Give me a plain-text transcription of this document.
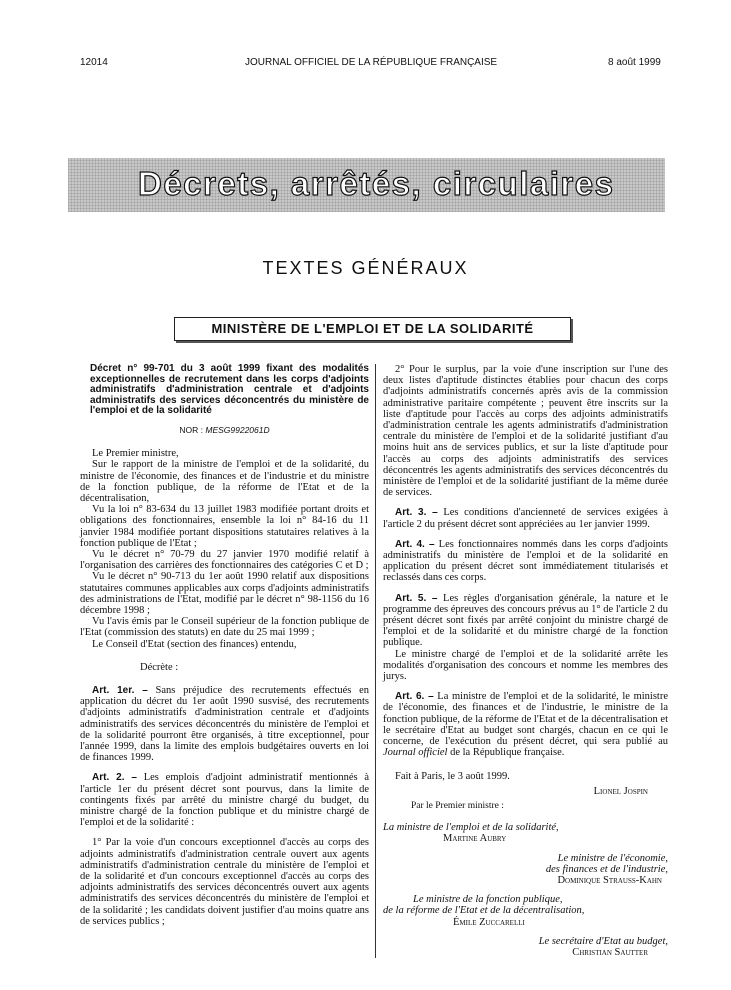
12014	JOURNAL OFFICIEL DE LA RÉPUBLIQUE FRANÇAISE	8 août 1999
Décrets, arrêtés, circulaires
TEXTES GÉNÉRAUX
MINISTÈRE DE L'EMPLOI ET DE LA SOLIDARITÉ

Décret n° 99-701 du 3 août 1999 fixant des modalités exceptionnelles de recrutement dans les corps d'adjoints administratifs d'administration centrale et d'adjoints administratifs des services déconcentrés du ministère de l'emploi et de la solidarité

NOR : MESG9922061D

Le Premier ministre,

Sur le rapport de la ministre de l'emploi et de la solidarité, du ministre de l'économie, des finances et de l'industrie et du ministre de la fonction publique, de la réforme de l'Etat et de la décentralisation,

Vu la loi n° 83-634 du 13 juillet 1983 modifiée portant droits et obligations des fonctionnaires, ensemble la loi n° 84-16 du 11 janvier 1984 modifiée portant dispositions statutaires relatives à la fonction publique de l'Etat ;

Vu le décret n° 70-79 du 27 janvier 1970 modifié relatif à l'organisation des carrières des fonctionnaires des catégories C et D ;

Vu le décret n° 90-713 du 1er août 1990 relatif aux dispositions statutaires communes applicables aux corps d'adjoints administratifs des administrations de l'Etat, modifié par le décret n° 98-1156 du 16 décembre 1998 ;

Vu l'avis émis par le Conseil supérieur de la fonction publique de l'Etat (commission des statuts) en date du 25 mai 1999 ;

Le Conseil d'Etat (section des finances) entendu,

Décrète :

Art. 1er. – Sans préjudice des recrutements effectués en application du décret du 1er août 1990 susvisé, des recrutements d'adjoints administratifs d'administration centrale et d'adjoints administratifs des services déconcentrés du ministère de l'emploi et de la solidarité pourront être organisés, à titre exceptionnel, pour l'année 1999, dans la limite des emplois budgétaires ouverts en loi de finances 1999.

Art. 2. – Les emplois d'adjoint administratif mentionnés à l'article 1er du présent décret sont pourvus, dans la limite de contingents fixés par arrêté du ministre chargé du budget, du ministre chargé de la fonction publique et du ministre chargé de l'emploi et de la solidarité :

1° Par la voie d'un concours exceptionnel d'accès au corps des adjoints administratifs d'administration centrale ouvert aux agents administratifs d'administration centrale du ministère de l'emploi et de la solidarité et d'un concours exceptionnel d'accès au corps des adjoints administratifs des services déconcentrés ouvert aux agents administratifs des services déconcentrés du ministère de l'emploi et de la solidarité ; les candidats doivent justifier d'au moins quatre ans de services publics ;

2° Pour le surplus, par la voie d'une inscription sur l'une des deux listes d'aptitude distinctes établies pour chacun des corps d'adjoints administratifs concernés après avis de la commission administrative paritaire compétente ; peuvent être inscrits sur la liste d'aptitude pour l'accès au corps des adjoints administratifs d'administration centrale les agents administratifs d'administration centrale du ministère de l'emploi et de la solidarité justifiant d'au moins huit ans de services publics, et sur la liste d'aptitude pour l'accès au corps des adjoints administratifs des services déconcentrés les agents administratifs des services déconcentrés du ministère de l'emploi et de la solidarité justifiant de la même durée de services.

Art. 3. – Les conditions d'ancienneté de services exigées à l'article 2 du présent décret sont appréciées au 1er janvier 1999.

Art. 4. – Les fonctionnaires nommés dans les corps d'adjoints administratifs du ministère de l'emploi et de la solidarité en application du présent décret sont immédiatement titularisés et reclassés dans ces corps.

Art. 5. – Les règles d'organisation générale, la nature et le programme des épreuves des concours prévus au 1° de l'article 2 du présent décret sont fixés par arrêté conjoint du ministre chargé de l'emploi et de la solidarité et du ministre chargé de la fonction publique.

Le ministre chargé de l'emploi et de la solidarité arrête les modalités d'organisation des concours et nomme les membres des jurys.

Art. 6. – La ministre de l'emploi et de la solidarité, le ministre de l'économie, des finances et de l'industrie, le ministre de la fonction publique, de la réforme de l'Etat et de la décentralisation et le secrétaire d'Etat au budget sont chargés, chacun en ce qui le concerne, de l'exécution du présent décret, qui sera publié au Journal officiel de la République française.

Fait à Paris, le 3 août 1999.

Lionel Jospin

Par le Premier ministre :

La ministre de l'emploi et de la solidarité,

Martine Aubry

Le ministre de l'économie,

des finances et de l'industrie,

Dominique Strauss-Kahn

Le ministre de la fonction publique,

de la réforme de l'Etat et de la décentralisation,

Émile Zuccarelli

Le secrétaire d'Etat au budget,

Christian Sautter
